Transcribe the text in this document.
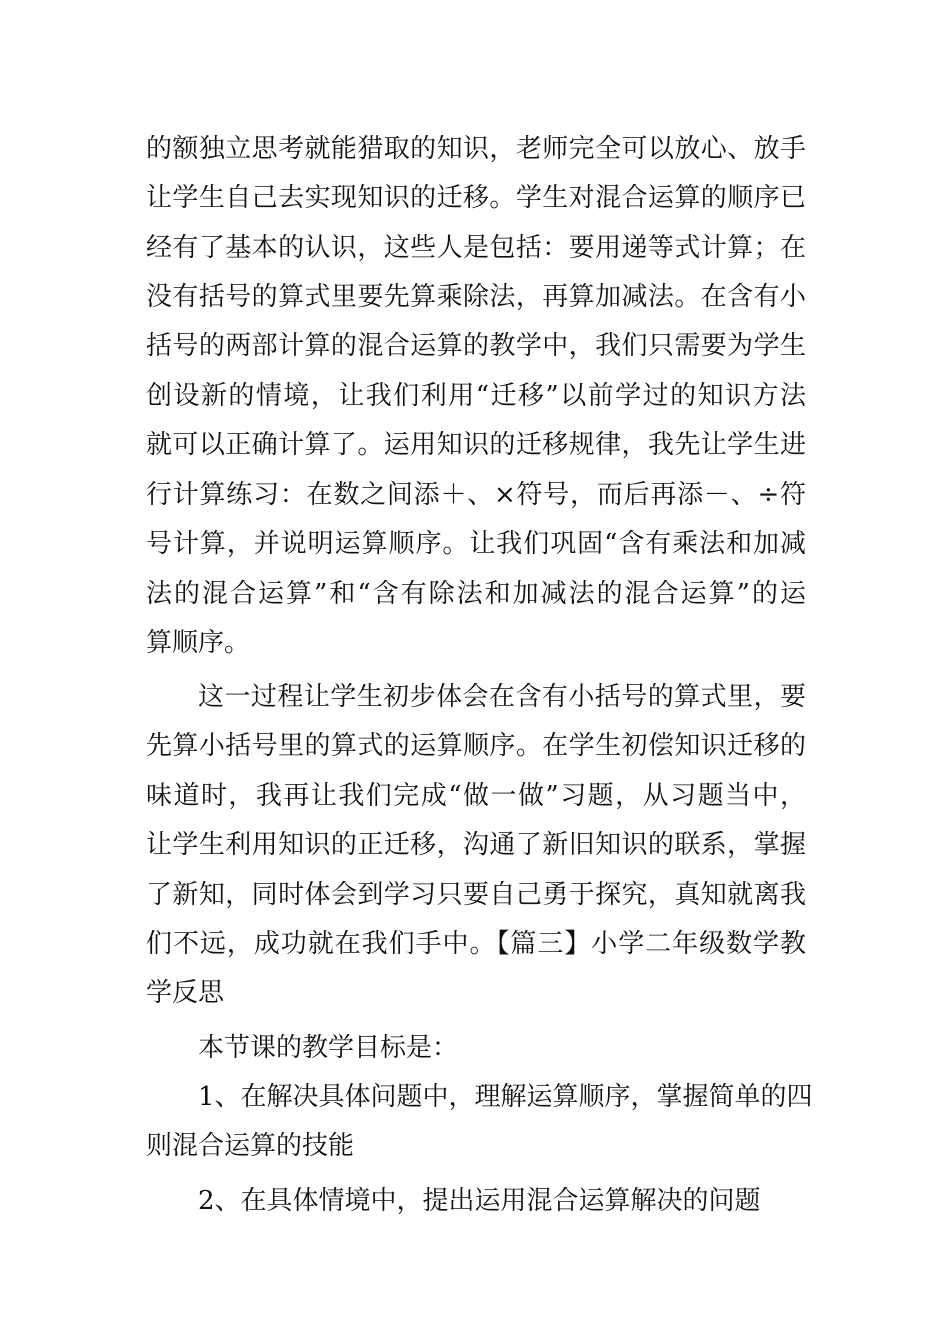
的额独立思考就能猎取的知识，老师完全可以放心、放手
让学生自己去实现知识的迁移。学生对混合运算的顺序已
经有了基本的认识，这些人是包括：要用递等式计算；在
没有括号的算式里要先算乘除法，再算加减法。在含有小
括号的两部计算的混合运算的教学中，我们只需要为学生
创设新的情境，让我们利用“迁移”以前学过的知识方法
就可以正确计算了。运用知识的迁移规律，我先让学生进
行计算练习：在数之间添＋、×符号，而后再添－、÷符
号计算，并说明运算顺序。让我们巩固“含有乘法和加减
法的混合运算”和“含有除法和加减法的混合运算”的运
算顺序。
这一过程让学生初步体会在含有小括号的算式里，要
先算小括号里的算式的运算顺序。在学生初偿知识迁移的
味道时，我再让我们完成“做一做”习题，从习题当中，
让学生利用知识的正迁移，沟通了新旧知识的联系，掌握
了新知，同时体会到学习只要自己勇于探究，真知就离我
们不远，成功就在我们手中。【篇三】小学二年级数学教
学反思
本节课的教学目标是：
1、在解决具体问题中，理解运算顺序，掌握简单的四
则混合运算的技能
2、在具体情境中，提出运用混合运算解决的问题
